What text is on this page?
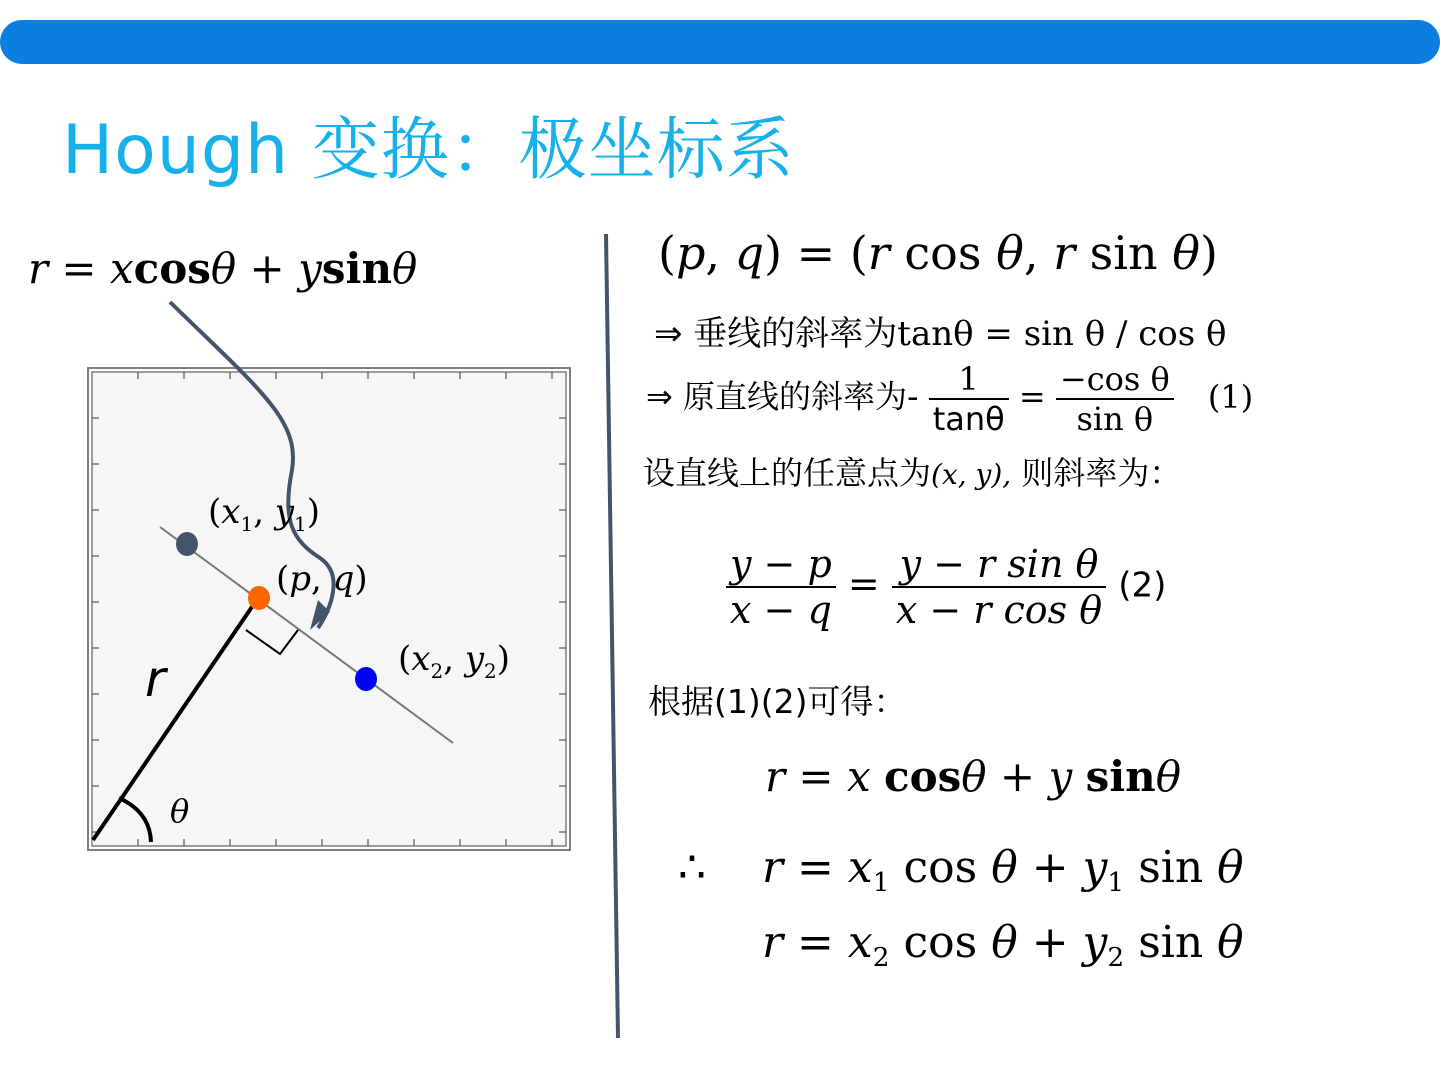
Hough 变换：极坐标系
r = xcosθ + ysinθ
($x_1$, $y_1$)
(p, q)
($x_2$, $y_2$)
r
θ
(p, q) = (r cos θ, r sin θ)
⇒ 垂线的斜率为tanθ = sin θ / cos θ
⇒ 原直线的斜率为- $\frac{1}{\tan\theta} = \frac{\text{−cos θ}}{\text{sin θ}} (1)$
设直线上的任意点为(x, y), 则斜率为：
$\frac{y - p}{x - q} = \frac{\text{y − r sin θ}}{\text{x − r cos θ}} (2)$
根据(1)(2)可得：
r = x cosθ + y sinθ
∴ $r = x_1$ $\cos \theta + y_1$ sin θ
$r = x_2$ $\cos \theta + y_2$ sin θ
